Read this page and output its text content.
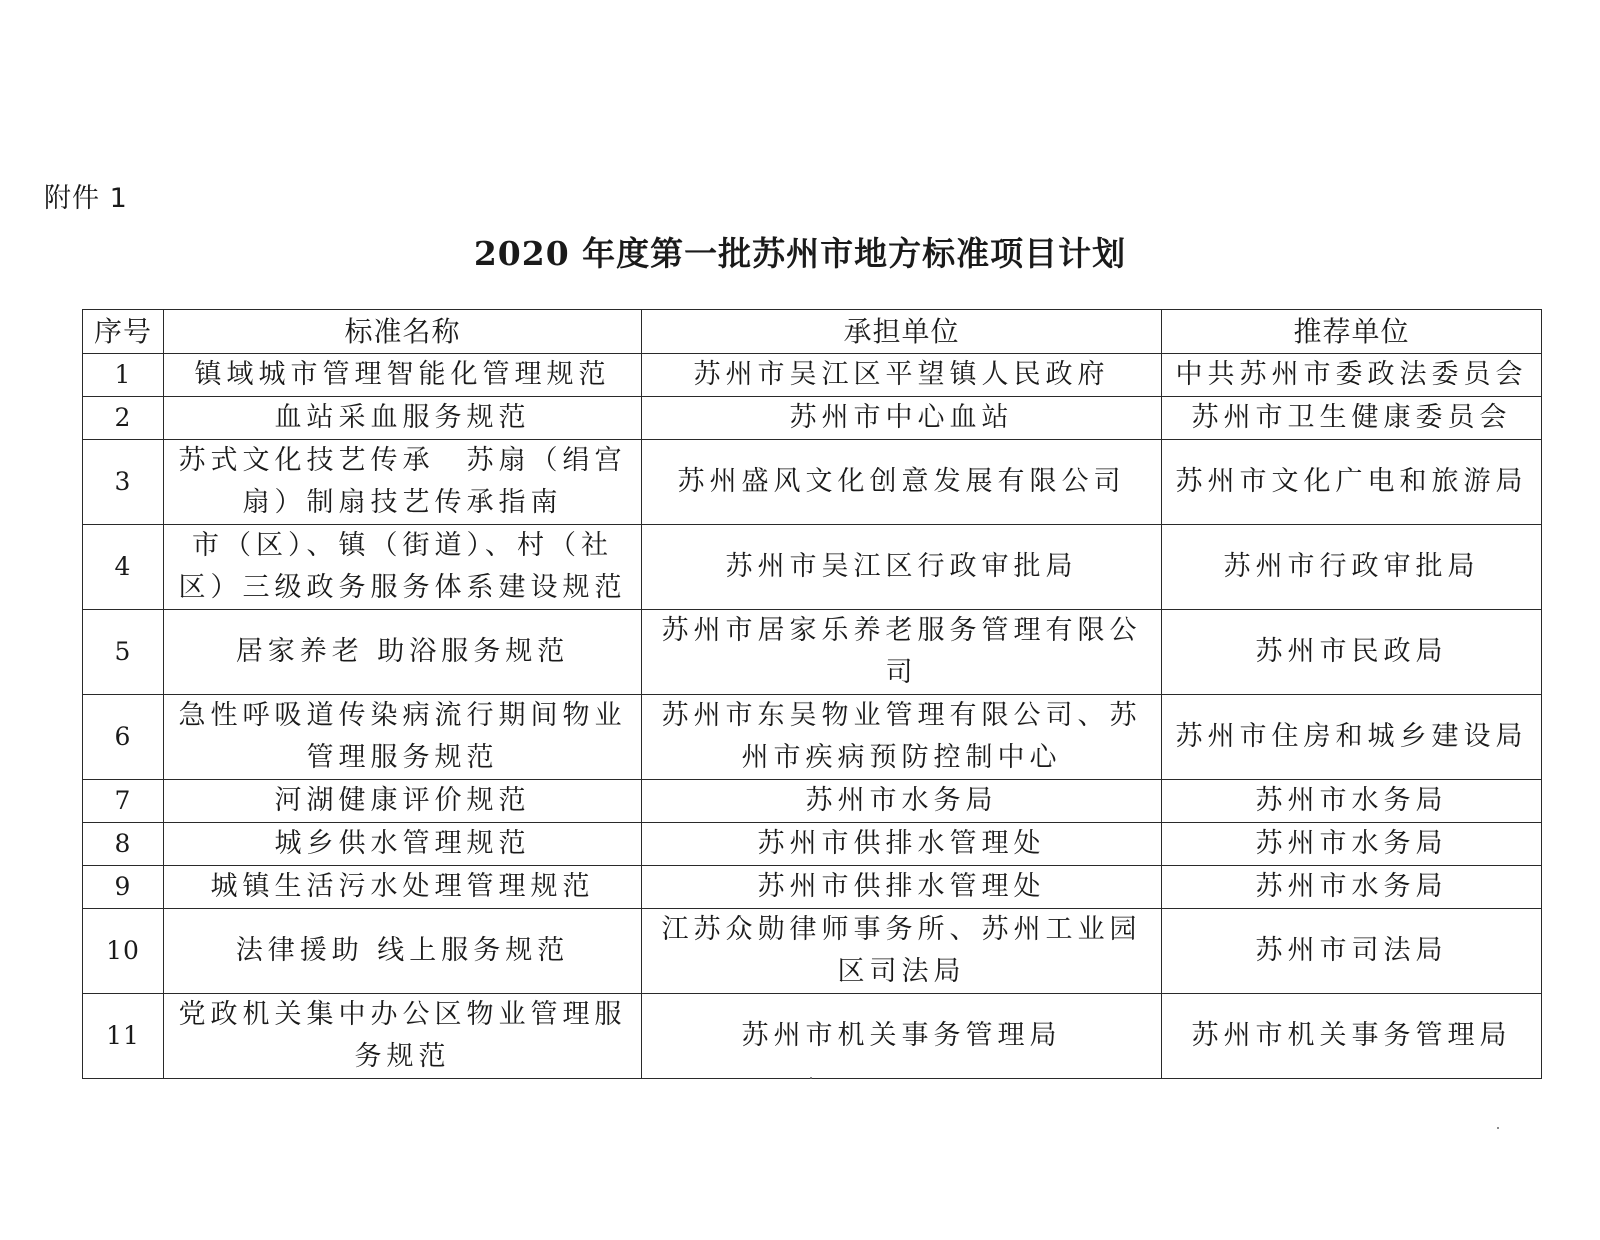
附件 1
2020 年度第一批苏州市地方标准项目计划
序号	标准名称	承担单位	推荐单位
1	镇域城市管理智能化管理规范	苏州市吴江区平望镇人民政府	中共苏州市委政法委员会
2	血站采血服务规范	苏州市中心血站	苏州市卫生健康委员会
3	苏式文化技艺传承　苏扇（绢宫扇）制扇技艺传承指南	苏州盛风文化创意发展有限公司	苏州市文化广电和旅游局
4	市（区）、镇（街道）、村（社区）三级政务服务体系建设规范	苏州市吴江区行政审批局	苏州市行政审批局
5	居家养老 助浴服务规范	苏州市居家乐养老服务管理有限公司	苏州市民政局
6	急性呼吸道传染病流行期间物业管理服务规范	苏州市东吴物业管理有限公司、苏州市疾病预防控制中心	苏州市住房和城乡建设局
7	河湖健康评价规范	苏州市水务局	苏州市水务局
8	城乡供水管理规范	苏州市供排水管理处	苏州市水务局
9	城镇生活污水处理管理规范	苏州市供排水管理处	苏州市水务局
10	法律援助 线上服务规范	江苏众勋律师事务所、苏州工业园区司法局	苏州市司法局
11	党政机关集中办公区物业管理服务规范	苏州市机关事务管理局	苏州市机关事务管理局
